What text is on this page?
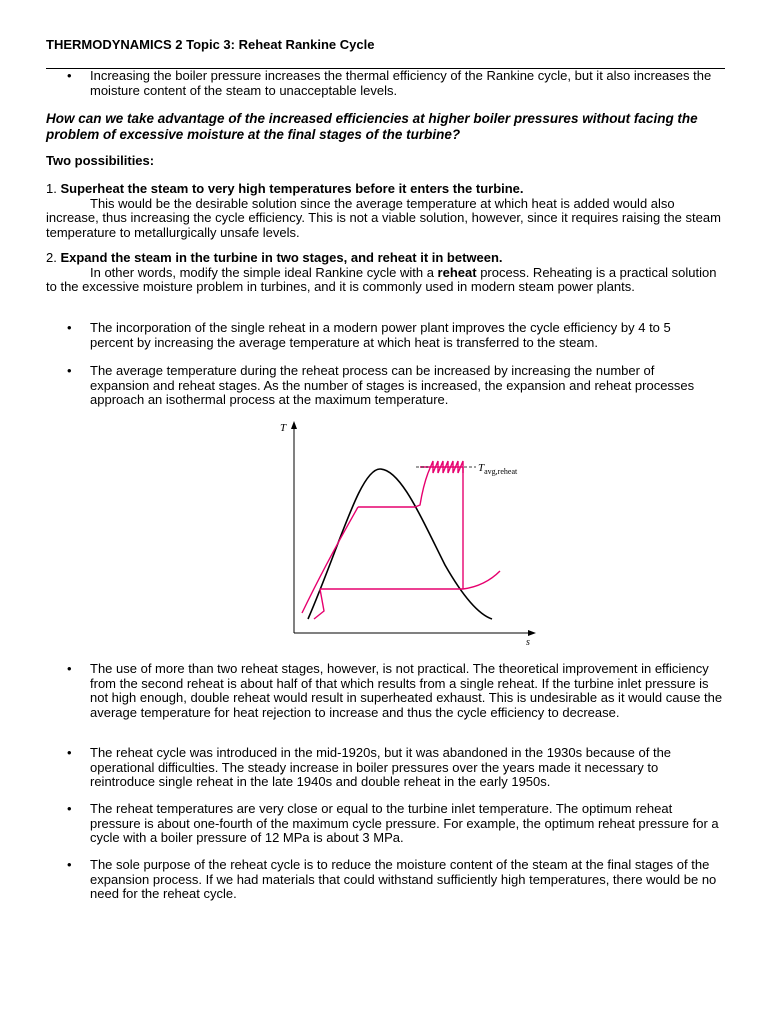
THERMODYNAMICS 2 Topic 3: Reheat Rankine Cycle
• Increasing the boiler pressure increases the thermal efficiency of the Rankine cycle, but it also increases the moisture content of the steam to unacceptable levels.
How can we take advantage of the increased efficiencies at higher boiler pressures without facing the problem of excessive moisture at the final stages of the turbine?
Two possibilities:
1. Superheat the steam to very high temperatures before it enters the turbine.
This would be the desirable solution since the average temperature at which heat is added would also increase, thus increasing the cycle efficiency. This is not a viable solution, however, since it requires raising the steam temperature to metallurgically unsafe levels.
2. Expand the steam in the turbine in two stages, and reheat it in between.
In other words, modify the simple ideal Rankine cycle with a reheat process. Reheating is a practical solution to the excessive moisture problem in turbines, and it is commonly used in modern steam power plants.
• The incorporation of the single reheat in a modern power plant improves the cycle efficiency by 4 to 5 percent by increasing the average temperature at which heat is transferred to the steam.
• The average temperature during the reheat process can be increased by increasing the number of expansion and reheat stages. As the number of stages is increased, the expansion and reheat processes approach an isothermal process at the maximum temperature.
T
s
$T_{avg,reheat}$
• The use of more than two reheat stages, however, is not practical. The theoretical improvement in efficiency from the second reheat is about half of that which results from a single reheat. If the turbine inlet pressure is not high enough, double reheat would result in superheated exhaust. This is undesirable as it would cause the average temperature for heat rejection to increase and thus the cycle efficiency to decrease.
• The reheat cycle was introduced in the mid-1920s, but it was abandoned in the 1930s because of the operational difficulties. The steady increase in boiler pressures over the years made it necessary to reintroduce single reheat in the late 1940s and double reheat in the early 1950s.
• The reheat temperatures are very close or equal to the turbine inlet temperature. The optimum reheat pressure is about one-fourth of the maximum cycle pressure. For example, the optimum reheat pressure for a cycle with a boiler pressure of 12 MPa is about 3 MPa.
• The sole purpose of the reheat cycle is to reduce the moisture content of the steam at the final stages of the expansion process. If we had materials that could withstand sufficiently high temperatures, there would be no need for the reheat cycle.
